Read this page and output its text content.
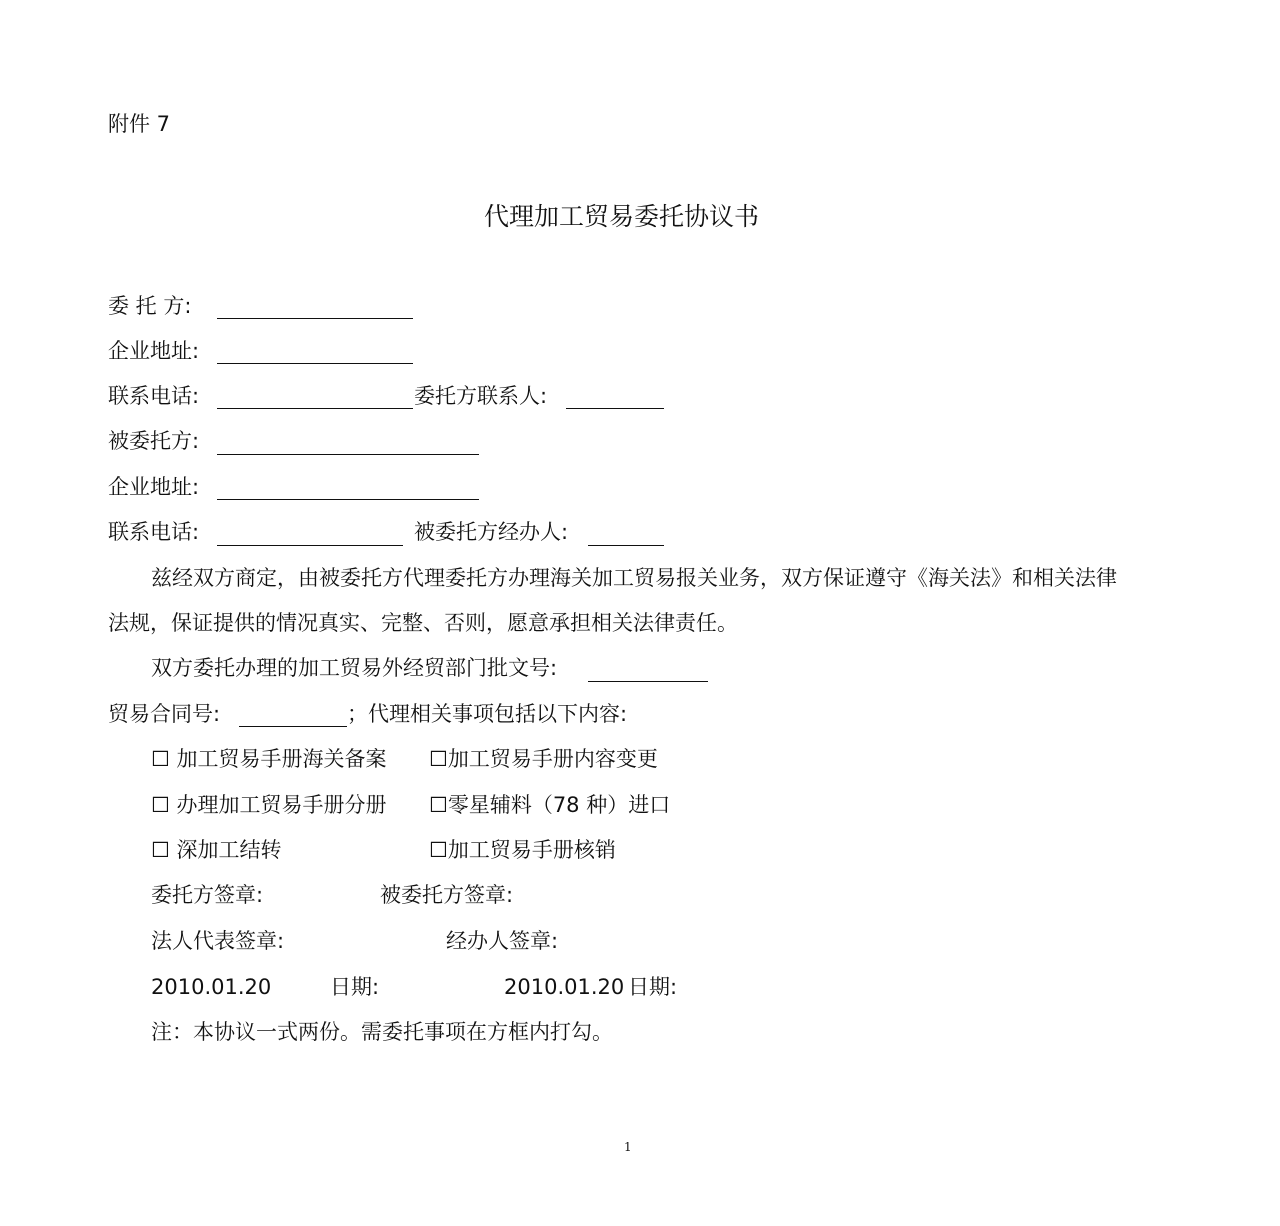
附件 7
代理加工贸易委托协议书
委 托 方:
企业地址:
联系电话:	委托方联系人:
被委托方:
企业地址:
联系电话:	被委托方经办人:
兹经双方商定，由被委托方代理委托方办理海关加工贸易报关业务，双方保证遵守《海关法》和相关法律
法规，保证提供的情况真实、完整、否则，愿意承担相关法律责任。
双方委托办理的加工贸易外经贸部门批文号:
贸易合同号:	；代理相关事项包括以下内容:
☐ 加工贸易手册海关备案 ☐加工贸易手册内容变更
☐ 办理加工贸易手册分册 ☐零星辅料（78 种）进口
☐ 深加工结转	☐加工贸易手册核销
委托方签章:	被委托方签章:
法人代表签章:	经办人签章:
2010.01.20	日期:	2010.01.20 日期:
注：本协议一式两份。需委托事项在方框内打勾。
1
